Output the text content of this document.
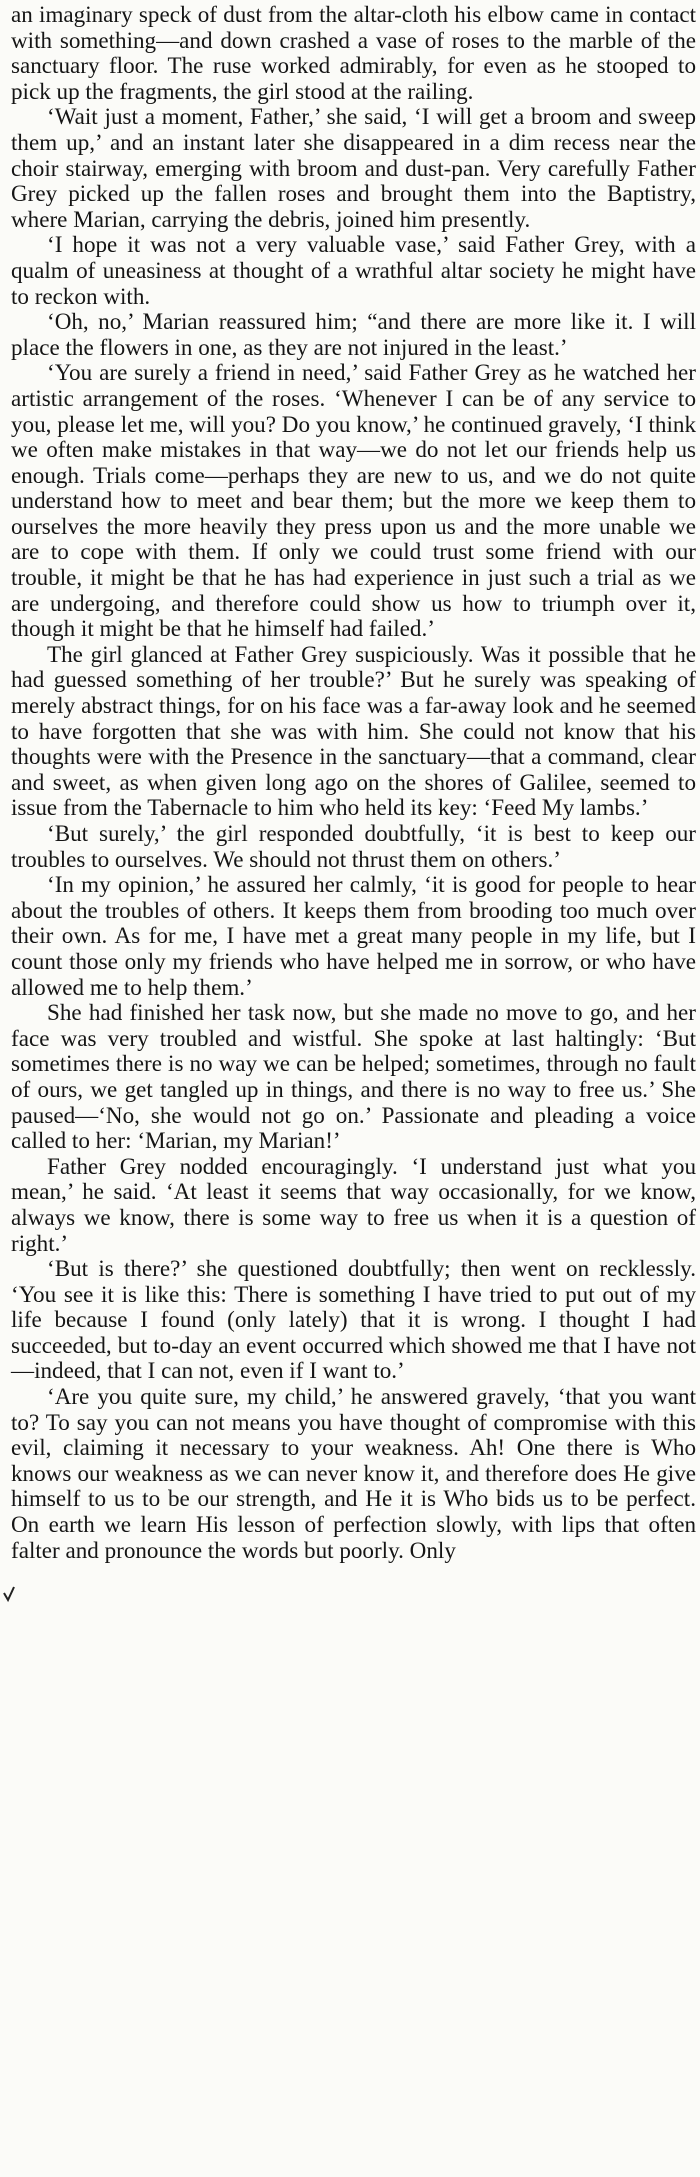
an imaginary speck of dust from the altar-cloth his elbow came in contact with something—and down crashed a vase of roses to the marble of the sanctuary floor. The ruse worked admirably, for even as he stooped to pick up the fragments, the girl stood at the railing.

‘Wait just a moment, Father,’ she said, ‘I will get a broom and sweep them up,’ and an instant later she disappeared in a dim recess near the choir stairway, emerging with broom and dust-pan. Very carefully Father Grey picked up the fallen roses and brought them into the Baptistry, where Marian, carrying the debris, joined him presently.

‘I hope it was not a very valuable vase,’ said Father Grey, with a qualm of uneasiness at thought of a wrathful altar society he might have to reckon with.

‘Oh, no,’ Marian reassured him; “and there are more like it. I will place the flowers in one, as they are not injured in the least.’

‘You are surely a friend in need,’ said Father Grey as he watched her artistic arrangement of the roses. ‘Whenever I can be of any service to you, please let me, will you? Do you know,’ he continued gravely, ‘I think we often make mistakes in that way—we do not let our friends help us enough. Trials come—perhaps they are new to us, and we do not quite understand how to meet and bear them; but the more we keep them to ourselves the more heavily they press upon us and the more unable we are to cope with them. If only we could trust some friend with our trouble, it might be that he has had experience in just such a trial as we are undergoing, and therefore could show us how to triumph over it, though it might be that he himself had failed.’

The girl glanced at Father Grey suspiciously. Was it possible that he had guessed something of her trouble?’ But he surely was speaking of merely abstract things, for on his face was a far-away look and he seemed to have forgotten that she was with him. She could not know that his thoughts were with the Presence in the sanctuary—that a command, clear and sweet, as when given long ago on the shores of Galilee, seemed to issue from the Tabernacle to him who held its key: ‘Feed My lambs.’

‘But surely,’ the girl responded doubtfully, ‘it is best to keep our troubles to ourselves. We should not thrust them on others.’

‘In my opinion,’ he assured her calmly, ‘it is good for people to hear about the troubles of others. It keeps them from brooding too much over their own. As for me, I have met a great many people in my life, but I count those only my friends who have helped me in sorrow, or who have allowed me to help them.’

She had finished her task now, but she made no move to go, and her face was very troubled and wistful. She spoke at last haltingly: ‘But sometimes there is no way we can be helped; sometimes, through no fault of ours, we get tangled up in things, and there is no way to free us.’ She paused—‘No, she would not go on.’ Passionate and pleading a voice called to her: ‘Marian, my Marian!’

Father Grey nodded encouragingly. ‘I understand just what you mean,’ he said. ‘At least it seems that way occasionally, for we know, always we know, there is some way to free us when it is a question of right.’

‘But is there?’ she questioned doubtfully; then went on recklessly. ‘You see it is like this: There is something I have tried to put out of my life because I found (only lately) that it is wrong. I thought I had succeeded, but to-day an event occurred which showed me that I have not—indeed, that I can not, even if I want to.’

‘Are you quite sure, my child,’ he answered gravely, ‘that you want to? To say you can not means you have thought of compromise with this evil, claiming it necessary to your weakness. Ah! One there is Who knows our weakness as we can never know it, and therefore does He give himself to us to be our strength, and He it is Who bids us to be perfect. On earth we learn His lesson of perfection slowly, with lips that often falter and pronounce the words but poorly. Only
